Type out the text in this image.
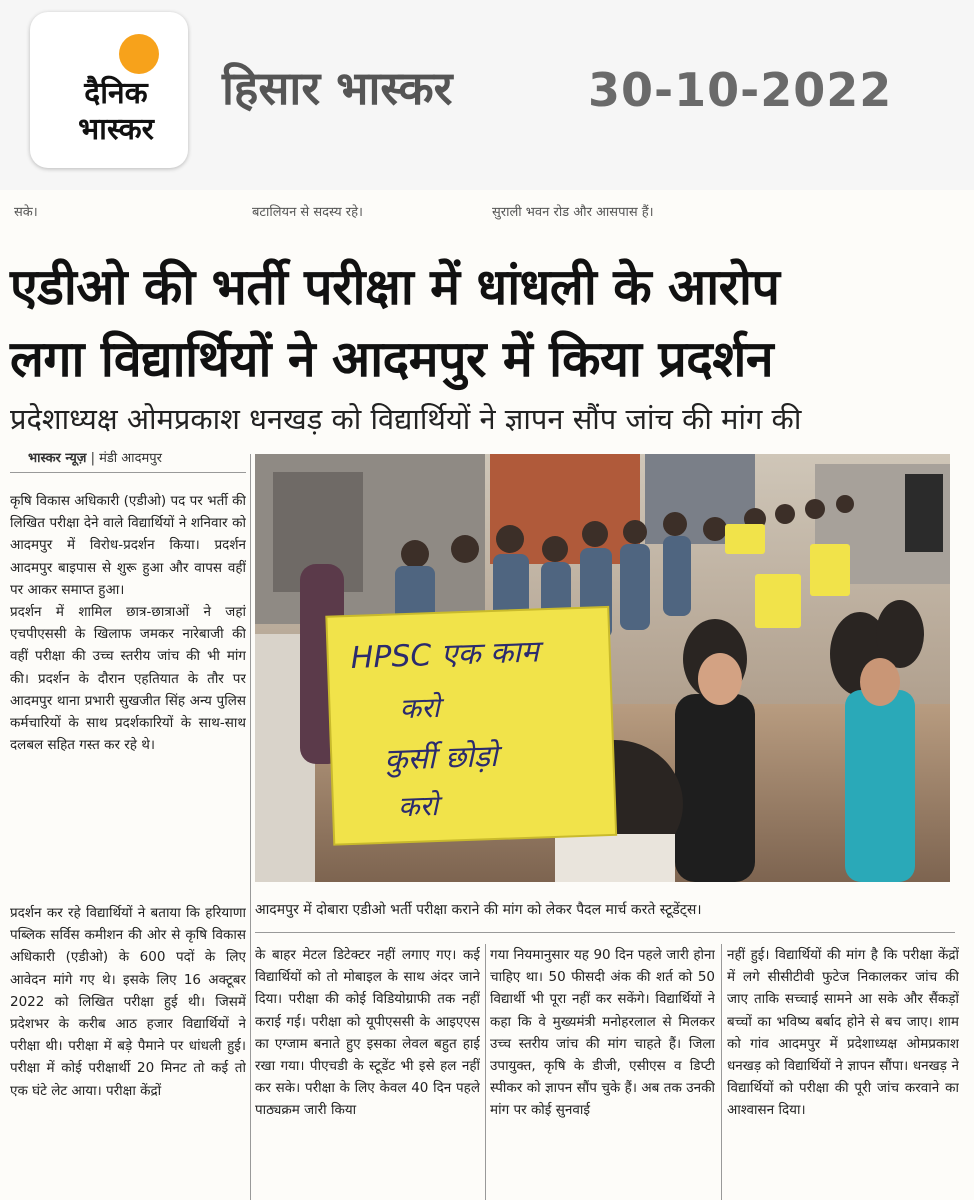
दैनिक
भास्कर
हिसार भास्कर	30-10-2022
सके।	बटालियन से सदस्य रहे।	सुराली भवन रोड और आसपास हैं।
एडीओ की भर्ती परीक्षा में धांधली के आरोप
लगा विद्यार्थियों ने आदमपुर में किया प्रदर्शन
प्रदेशाध्यक्ष ओमप्रकाश धनखड़ को विद्यार्थियों ने ज्ञापन सौंप जांच की मांग की
भास्कर न्यूज़ | मंडी आदमपुर
कृषि विकास अधिकारी (एडीओ) पद पर भर्ती की लिखित परीक्षा देने वाले विद्यार्थियों ने शनिवार को आदमपुर में विरोध-प्रदर्शन किया। प्रदर्शन आदमपुर बाइपास से शुरू हुआ और वापस वहीं पर आकर समाप्त हुआ।
प्रदर्शन में शामिल छात्र-छात्राओं ने जहां एचपीएससी के खिलाफ जमकर नारेबाजी की वहीं परीक्षा की उच्च स्तरीय जांच की भी मांग की। प्रदर्शन के दौरान एहतियात के तौर पर आदमपुर थाना प्रभारी सुखजीत सिंह अन्य पुलिस कर्मचारियों के साथ प्रदर्शकारियों के साथ-साथ दलबल सहित गस्त कर रहे थे।
प्रदर्शन कर रहे विद्यार्थियों ने बताया कि हरियाणा पब्लिक सर्विस कमीशन की ओर से कृषि विकास अधिकारी (एडीओ) के 600 पदों के लिए आवेदन मांगे गए थे। इसके लिए 16 अक्टूबर 2022 को लिखित परीक्षा हुई थी। जिसमें प्रदेशभर के करीब आठ हजार विद्यार्थियों ने परीक्षा थी। परीक्षा में बड़े पैमाने पर धांधली हुई। परीक्षा में कोई परीक्षार्थी 20 मिनट तो कई तो एक घंटे लेट आया। परीक्षा केंद्रों
HPSC एक काम
करो
कुर्सी छोड़ो
करो
आदमपुर में दोबारा एडीओ भर्ती परीक्षा कराने की मांग को लेकर पैदल मार्च करते स्टूडेंट्स।
के बाहर मेटल डिटेक्टर नहीं लगाए गए। कई विद्यार्थियों को तो मोबाइल के साथ अंदर जाने दिया। परीक्षा की कोई विडियोग्राफी तक नहीं कराई गई। परीक्षा को यूपीएससी के आइएएस का एग्जाम बनाते हुए इसका लेवल बहुत हाई रखा गया। पीएचडी के स्टूडेंट भी इसे हल नहीं कर सके। परीक्षा के लिए केवल 40 दिन पहले पाठ्यक्रम जारी किया
गया नियमानुसार यह 90 दिन पहले जारी होना चाहिए था। 50 फीसदी अंक की शर्त को 50 विद्यार्थी भी पूरा नहीं कर सकेंगे। विद्यार्थियों ने कहा कि वे मुख्यमंत्री मनोहरलाल से मिलकर उच्च स्तरीय जांच की मांग चाहते हैं। जिला उपायुक्त, कृषि के डीजी, एसीएस व डिप्टी स्पीकर को ज्ञापन सौंप चुके हैं। अब तक उनकी मांग पर कोई सुनवाई
नहीं हुई। विद्यार्थियों की मांग है कि परीक्षा केंद्रों में लगे सीसीटीवी फुटेज निकालकर जांच की जाए ताकि सच्चाई सामने आ सके और सैंकड़ों बच्चों का भविष्य बर्बाद होने से बच जाए। शाम को गांव आदमपुर में प्रदेशाध्यक्ष ओमप्रकाश धनखड़ को विद्यार्थियों ने ज्ञापन सौंपा। धनखड़ ने विद्यार्थियों को परीक्षा की पूरी जांच करवाने का आश्वासन दिया।
